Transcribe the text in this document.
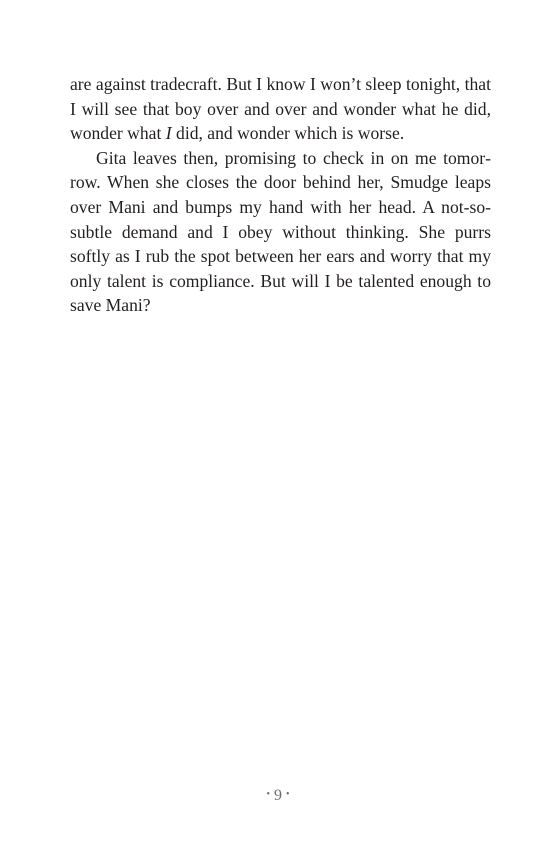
are against tradecraft. But I know I won’t sleep tonight, that I will see that boy over and over and wonder what he did, wonder what I did, and wonder which is worse.

Gita leaves then, promising to check in on me tomorrow. When she closes the door behind her, Smudge leaps over Mani and bumps my hand with her head. A not-so-subtle demand and I obey without thinking. She purrs softly as I rub the spot between her ears and worry that my only talent is compliance. But will I be talented enough to save Mani?

•9•
